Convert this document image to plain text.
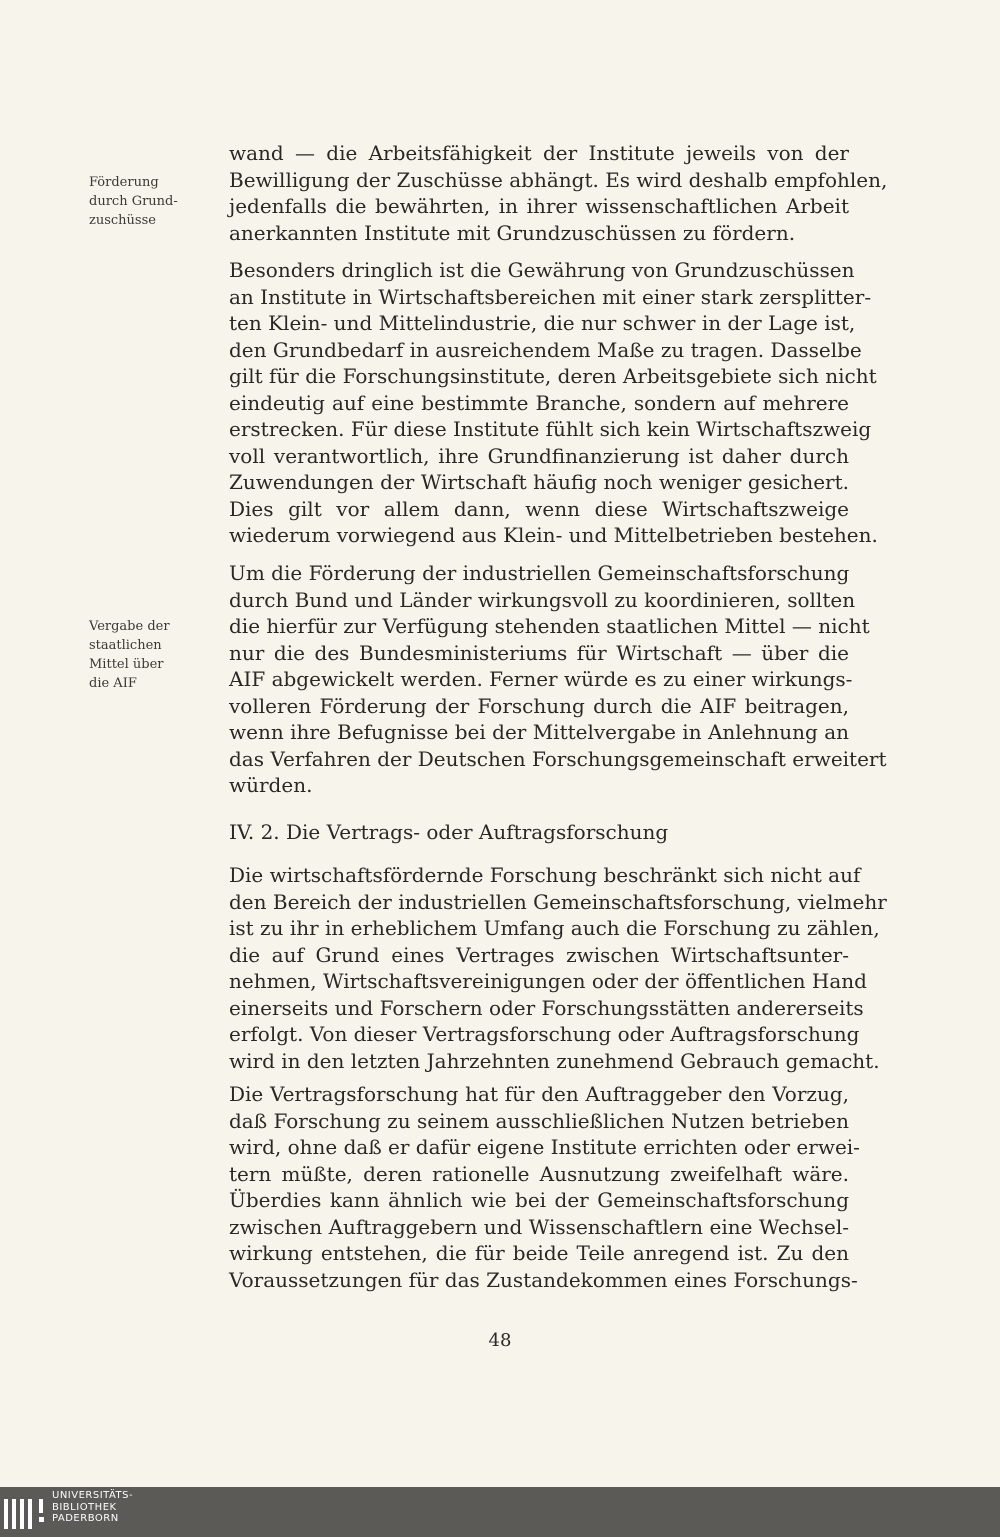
Förderung
durch Grund-
zuschüsse
Vergabe der
staatlichen
Mittel über
die AIF

wand — die Arbeitsfähigkeit der Institute jeweils von der
Bewilligung der Zuschüsse abhängt. Es wird deshalb empfohlen,
jedenfalls die bewährten, in ihrer wissenschaftlichen Arbeit
anerkannten Institute mit Grundzuschüssen zu fördern.

Besonders dringlich ist die Gewährung von Grundzuschüssen
an Institute in Wirtschaftsbereichen mit einer stark zersplitter-
ten Klein- und Mittelindustrie, die nur schwer in der Lage ist,
den Grundbedarf in ausreichendem Maße zu tragen. Dasselbe
gilt für die Forschungsinstitute, deren Arbeitsgebiete sich nicht
eindeutig auf eine bestimmte Branche, sondern auf mehrere
erstrecken. Für diese Institute fühlt sich kein Wirtschaftszweig
voll verantwortlich, ihre Grundfinanzierung ist daher durch
Zuwendungen der Wirtschaft häufig noch weniger gesichert.
Dies gilt vor allem dann, wenn diese Wirtschaftszweige
wiederum vorwiegend aus Klein- und Mittelbetrieben bestehen.

Um die Förderung der industriellen Gemeinschaftsforschung
durch Bund und Länder wirkungsvoll zu koordinieren, sollten
die hierfür zur Verfügung stehenden staatlichen Mittel — nicht
nur die des Bundesministeriums für Wirtschaft — über die
AIF abgewickelt werden. Ferner würde es zu einer wirkungs-
volleren Förderung der Forschung durch die AIF beitragen,
wenn ihre Befugnisse bei der Mittelvergabe in Anlehnung an
das Verfahren der Deutschen Forschungsgemeinschaft erweitert
würden.

IV. 2. Die Vertrags- oder Auftragsforschung

Die wirtschaftsfördernde Forschung beschränkt sich nicht auf
den Bereich der industriellen Gemeinschaftsforschung, vielmehr
ist zu ihr in erheblichem Umfang auch die Forschung zu zählen,
die auf Grund eines Vertrages zwischen Wirtschaftsunter-
nehmen, Wirtschaftsvereinigungen oder der öffentlichen Hand
einerseits und Forschern oder Forschungsstätten andererseits
erfolgt. Von dieser Vertragsforschung oder Auftragsforschung
wird in den letzten Jahrzehnten zunehmend Gebrauch gemacht.

Die Vertragsforschung hat für den Auftraggeber den Vorzug,
daß Forschung zu seinem ausschließlichen Nutzen betrieben
wird, ohne daß er dafür eigene Institute errichten oder erwei-
tern müßte, deren rationelle Ausnutzung zweifelhaft wäre.
Überdies kann ähnlich wie bei der Gemeinschaftsforschung
zwischen Auftraggebern und Wissenschaftlern eine Wechsel-
wirkung entstehen, die für beide Teile anregend ist. Zu den
Voraussetzungen für das Zustandekommen eines Forschungs-

48
UNIVERSITÄTS-
BIBLIOTHEK
PADERBORN
